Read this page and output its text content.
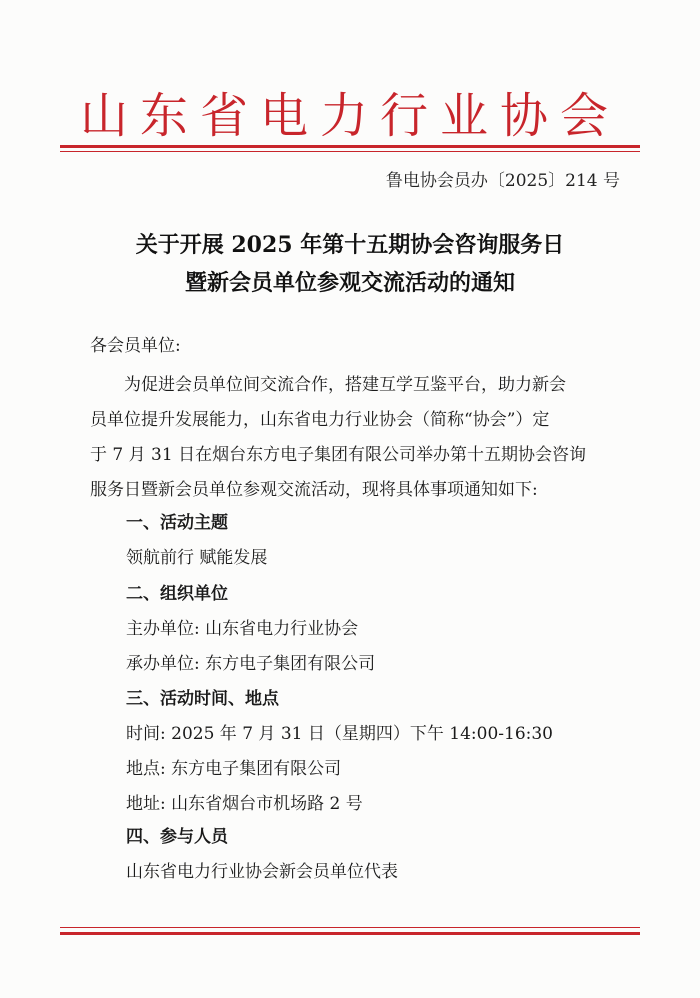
山东省电力行业协会
鲁电协会员办〔2025〕214 号
关于开展 2025 年第十五期协会咨询服务日
暨新会员单位参观交流活动的通知
各会员单位:
为促进会员单位间交流合作，搭建互学互鉴平台，助力新会
员单位提升发展能力，山东省电力行业协会（简称“协会”）定
于 7 月 31 日在烟台东方电子集团有限公司举办第十五期协会咨询
服务日暨新会员单位参观交流活动，现将具体事项通知如下:
一、活动主题
领航前行 赋能发展
二、组织单位
主办单位: 山东省电力行业协会
承办单位: 东方电子集团有限公司
三、活动时间、地点
时间: 2025 年 7 月 31 日（星期四）下午 14:00-16:30
地点: 东方电子集团有限公司
地址: 山东省烟台市机场路 2 号
四、参与人员
山东省电力行业协会新会员单位代表
